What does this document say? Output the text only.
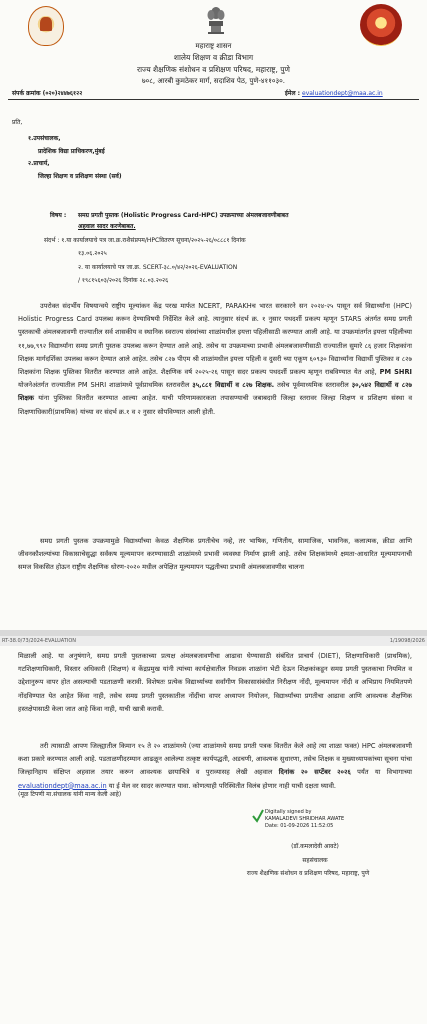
महाराष्ट्र शासन
शालेय शिक्षण व क्रीडा विभाग
राज्य शैक्षणिक संशोधन व प्रशिक्षण परिषद, महाराष्ट्र, पुणे
७०८, आरबी कुमठेकर मार्ग, सदाशिव पेठ, पुणे-४११०३०.
संपर्क क्रमांक (०२०)२४४७६१२२	ईमेल : evaluationdept@maa.ac.in
प्रति,
१.उपसंचालक,
प्रादेशिक विद्या प्राधिकरण,मुंबई
२.प्राचार्य,
जिल्हा शिक्षण व प्रशिक्षण संस्था (सर्व)
विषय : समग्र प्रगती पुस्तक (Holistic Progress Card-HPC) उपक्रमाच्या अंमलबजावणीबाबत
अहवाल सादर करणेबाबत.
संदर्भ : १.या कार्यालयाचे पत्र जा.क्र.राशैसंप्रपम/HPCवितरण सूचना/२०२५-२६/०८८८१ दिनांक
१३.०६.२०२५
२. या कार्यालयाचे पत्र जा.क्र. SCERT-३८.०/४२/२०२६-EVALUATION
/ १९८१५६०३/२०२६ दिनांक २८.०३.२०२६
उपरोक्त संदर्भीय विषयान्वये राष्ट्रीय मूल्यांकन केंद्र परख मार्फत NCERT, PARAKHच भारत सरकारने सन २०२४-२५ पासून सर्व विद्यार्थ्यांना (HPC) Holistic Progress Card उपलब्ध करून देण्याविषयी निर्देशित केले आहे. त्यानुसार संदर्भ क्र. १ नुसार पथदर्शी प्रकल्प म्हणून STARS अंतर्गत समग्र प्रगती पुस्तकाची अंमलबजावणी राज्यातील सर्व शासकीय व स्थानिक स्वराज्य संस्थांच्या शाळांमधील इयत्ता पहिलीसाठी करण्यात आली आहे. या उपक्रमांतर्गत इयत्ता पहिलीच्या ११,७७,९९२ विद्यार्थ्यांना समग्र प्रगती पुस्तक उपलब्ध करून देण्यात आले आहे. तसेच या उपक्रमाच्या प्रभावी अंमलबजावणीसाठी राज्यातील सुमारे ८६ हजार शिक्षकांना शिक्षक मार्गदर्शिका उपलब्ध करून देण्यात आले आहेत. तसेच ८२७ पीएम श्री शाळांमधील इयत्ता पहिली व दुसरी च्या एकूण ६०९३० विद्यार्थ्यांना विद्यार्थी पुस्तिका व ८२७ शिक्षकांना शिक्षक पुस्तिका वितरीत करण्यात आले आहेत. शैक्षणिक वर्ष २०२५-२६ पासून सदर प्रकल्प पथदर्शी प्रकल्प म्हणून राबविण्यात येत आहे, PM SHRI योजनेअंतर्गत राज्यातील PM SHRI शाळांमध्ये पूर्वप्राथमिक स्तरावरील ३५,८८१ विद्यार्थी व ८२७ शिक्षक. तसेच पूर्वमाध्यमिक स्तरावरील ३०,५४२ विद्यार्थी व ८२७ शिक्षक यांना पुस्तिका वितरीत करण्यात आल्या आहेत. याची परिणामकारकता तपासण्याची जबाबदारी जिल्हा स्तरावर जिल्हा शिक्षण व प्रशिक्षण संस्था व शिक्षणाधिकारी(प्राथमिक) यांच्या वर संदर्भ क्र.१ व २ नुसार सोपविण्यात आली होती.
समग्र प्रगती पुस्तक उपक्रमामुळे विद्यार्थ्यांच्या केवळ शैक्षणिक प्रगतीचेच नव्हे, तर भाषिक, गणितीय, सामाजिक, भावनिक, कलात्मक, क्रीडा आणि जीवनकौशल्यांच्या विकासाचेसुद्धा सर्वंकष मूल्यमापन करण्यासाठी शाळांमध्ये प्रभावी व्यवस्था निर्माण झाली आहे. तसेच शिक्षकांमध्ये क्षमता-आधारित मूल्यमापनाची समज विकसित होऊन राष्ट्रीय शैक्षणिक धोरण-२०२० मधील अपेक्षित मूल्यमापन पद्धतीच्या प्रभावी अंमलबजावणीस चालना
RT-38.0/73/2024-EVALUATION	1/19098/2026
मिळाली आहे. या अनुषंगाने, समग्र प्रगती पुस्तकाच्या प्रत्यक्ष अंमलबजावणीचा आढावा घेण्यासाठी संबंधित प्राचार्य (DIET), शिक्षणाधिकारी (प्राथमिक), गटशिक्षणाधिकारी, विस्तार अधिकारी (शिक्षण) व केंद्रप्रमुख यांनी त्यांच्या कार्यक्षेत्रातील निवडक शाळांना भेटी देऊन शिक्षकांकडून समग्र प्रगती पुस्तकाचा नियमित व उद्देशानुरूप वापर होत असल्याची पडताळणी करावी. विशेषतः प्रत्येक विद्यार्थ्याच्या सर्वांगीण विकासासंबंधीत निरीक्षण नोंदी, मूल्यमापन नोंदी व अभिप्राय नियमितपणे नोंदविण्यात येत आहेत किंवा नाही, तसेच समग्र प्रगती पुस्तकातील नोंदींचा वापर अध्यापन नियोजन, विद्यार्थ्यांच्या प्रगतीचा आढावा आणि आवश्यक शैक्षणिक हस्तक्षेपासाठी केला जात आहे किंवा नाही, याची खात्री करावी.
तरी त्यासाठी आपण जिल्ह्यातील किमान १५ ते २० शाळांमध्ये (ज्या शाळांमध्ये समग्र प्रगती पत्रक वितरीत केले आहे त्या शाळा फक्त) HPC अंमलबजावणी कशा प्रकारे करण्यात आली आहे. पडताळणीदरम्यान आढळून आलेल्या तत्कृष्ट कार्यपद्धती, अडचणी, आवश्यक सुधारणा, तसेच शिक्षक व मुख्याध्यापकांच्या सूचना यांचा जिल्हानिहाय संक्षिप्त अहवाल तयार करून आवश्यक छायाचित्रे व पुराव्यासह लेखी अहवाल दिनांक २० सप्टेंबर २०२६ पर्यंत या विभागाच्या evaluationdept@maa.ac.in या ई मेल वर सादर करण्यात यावा. कोणत्याही परिस्थितीत विलंब होणार नाही याची दक्षता घ्यावी.
(मूळ टिपणी मा.संचालक यांनी मान्य केली आहे)
Digitally signed by
KAMALADEVI SHRIDHAR AWATE
Date: 01-09-2026 11:52:05
(डॉ.कमलादेवी आवटे)
सहसंचालक
राज्य शैक्षणिक संशोधन व प्रशिक्षण परिषद, महाराष्ट्र, पुणे
